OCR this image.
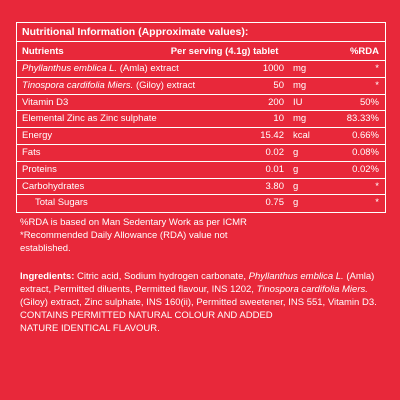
Nutritional Information (Approximate values):
Nutrients	Per serving (4.1g) tablet	%RDA
Phyllanthus emblica L. (Amla) extract	1000 mg	*
Tinospora cardifolia Miers. (Giloy) extract	50 mg	*
Vitamin D3	200 IU	50%
Elemental Zinc as Zinc sulphate	10 mg	83.33%
Energy	15.42 kcal	0.66%
Fats	0.02 g	0.08%
Proteins	0.01 g	0.02%
Carbohydrates	3.80 g	*
Total Sugars	0.75 g	*
%RDA is based on Man Sedentary Work as per ICMR
*Recommended Daily Allowance (RDA) value not
established.
Ingredients: Citric acid, Sodium hydrogen carbonate, Phyllanthus emblica L. (Amla) extract, Permitted diluents, Permitted flavour, INS 1202, Tinospora cardifolia Miers. (Giloy) extract, Zinc sulphate, INS 160(ii), Permitted sweetener, INS 551, Vitamin D3.
CONTAINS PERMITTED NATURAL COLOUR AND ADDED
NATURE IDENTICAL FLAVOUR.
